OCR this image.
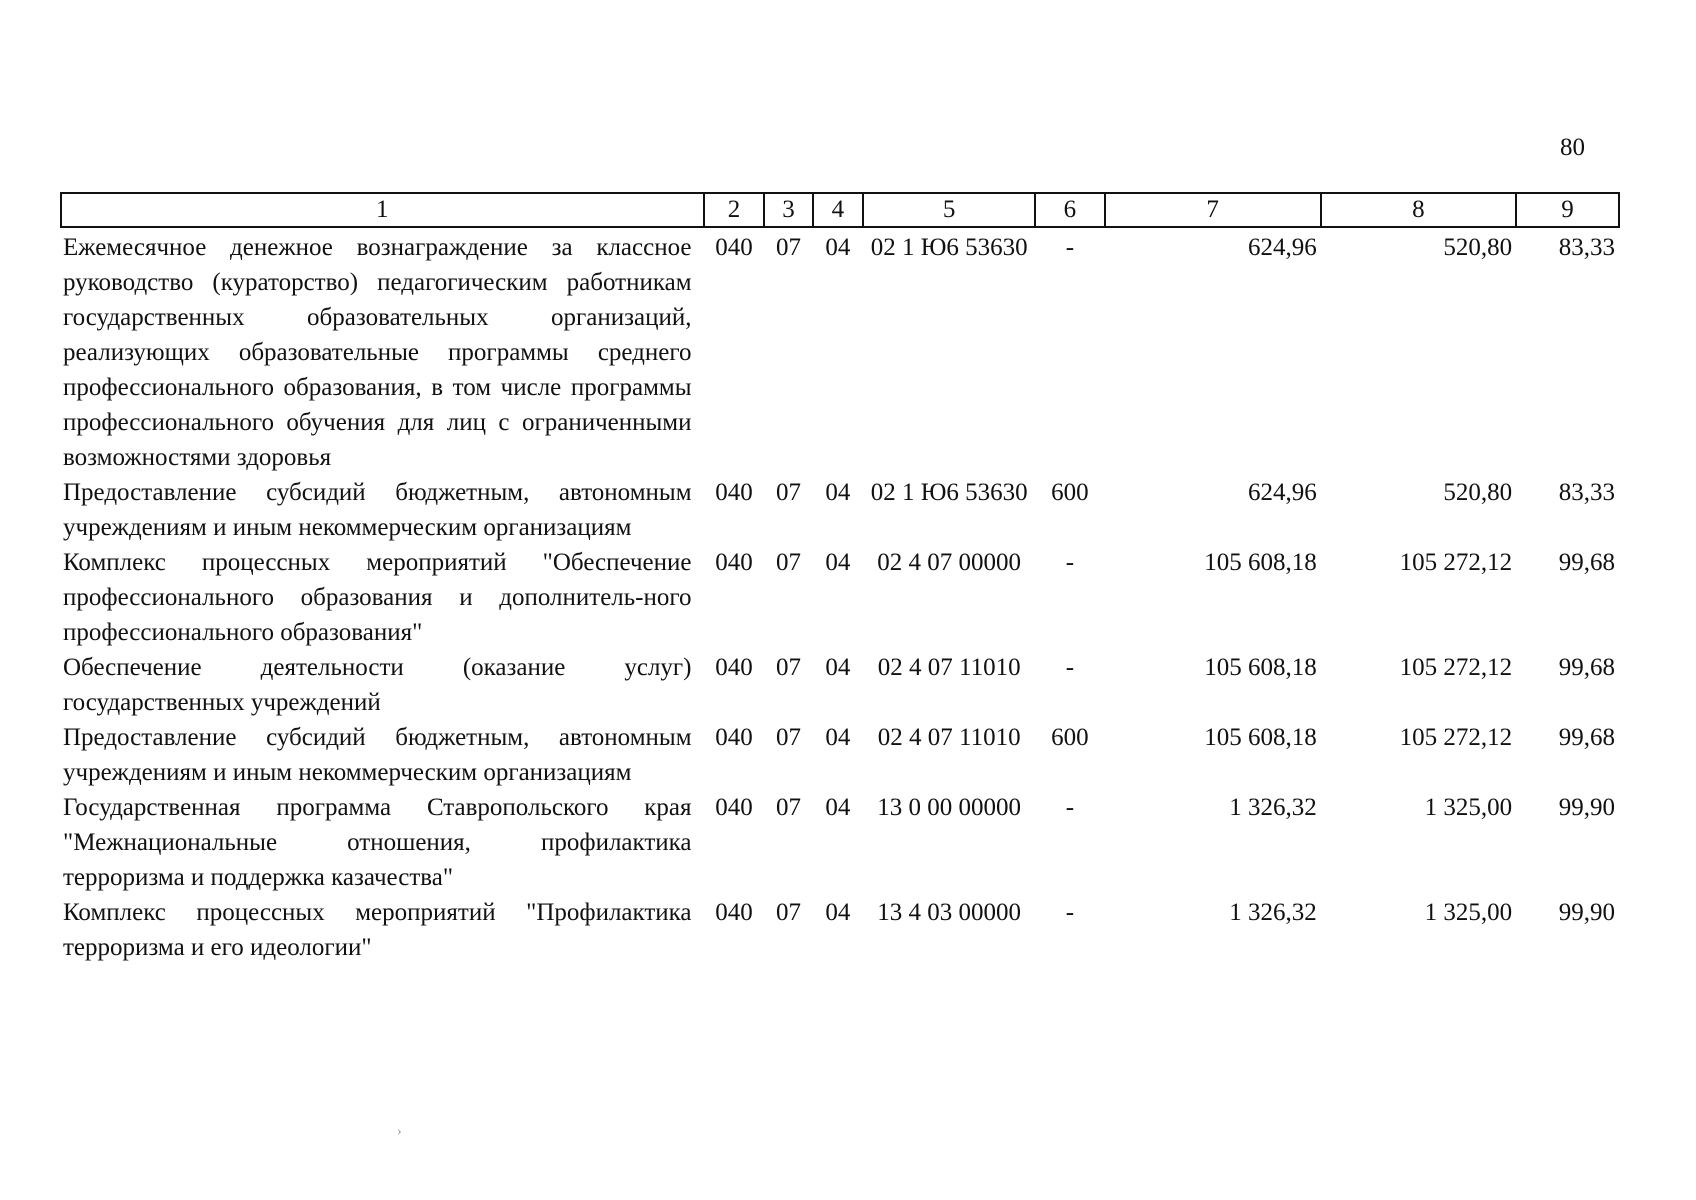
80
1	2	3	4	5	6	7	8	9
Ежемесячное денежное вознаграждение за классное руководство (кураторство) педагогическим работникам государственных образовательных организаций, реализующих образовательные программы среднего профессионального образования, в том числе программы профессионального обучения для лиц с ограниченными возможностями здоровья	040	07	04	02 1 Ю6 53630	-	624,96	520,80	83,33
Предоставление субсидий бюджетным, автономным учреждениям и иным некоммерческим организациям	040	07	04	02 1 Ю6 53630	600	624,96	520,80	83,33
Комплекс процессных мероприятий "Обеспечение профессионального образования и дополнитель-ного профессионального образования"	040	07	04	02 4 07 00000	-	105 608,18	105 272,12	99,68
Обеспечение деятельности (оказание услуг) государственных учреждений	040	07	04	02 4 07 11010	-	105 608,18	105 272,12	99,68
Предоставление субсидий бюджетным, автономным учреждениям и иным некоммерческим организациям	040	07	04	02 4 07 11010	600	105 608,18	105 272,12	99,68
Государственная программа Ставропольского края "Межнациональные отношения, профилактика терроризма и поддержка казачества"	040	07	04	13 0 00 00000	-	1 326,32	1 325,00	99,90
Комплекс процессных мероприятий "Профилактика терроризма и его идеологии"	040	07	04	13 4 03 00000	-	1 326,32	1 325,00	99,90
›
